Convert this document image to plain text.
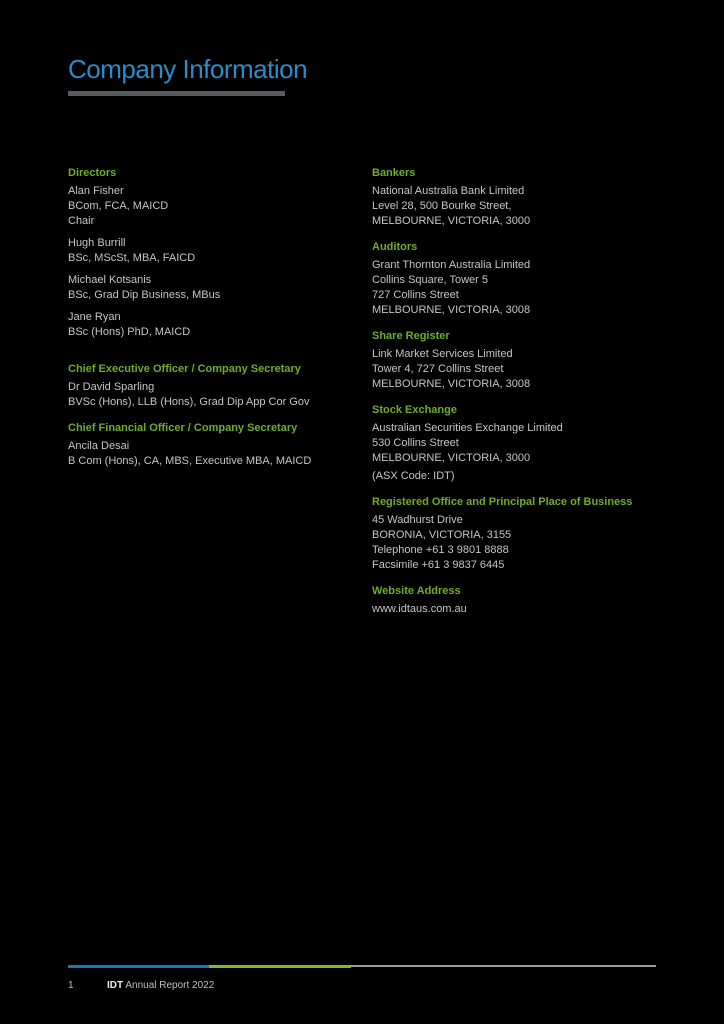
Company Information
Directors
Alan Fisher
BCom, FCA, MAICD
Chair
Hugh Burrill
BSc, MScSt, MBA, FAICD
Michael Kotsanis
BSc, Grad Dip Business, MBus
Jane Ryan
BSc (Hons) PhD, MAICD
Chief Executive Officer / Company Secretary
Dr David Sparling
BVSc (Hons), LLB (Hons), Grad Dip App Cor Gov
Chief Financial Officer / Company Secretary
Ancila Desai
B Com (Hons), CA, MBS, Executive MBA, MAICD
Bankers
National Australia Bank Limited
Level 28, 500 Bourke Street,
MELBOURNE, VICTORIA, 3000
Auditors
Grant Thornton Australia Limited
Collins Square, Tower 5
727 Collins Street
MELBOURNE, VICTORIA, 3008
Share Register
Link Market Services Limited
Tower 4, 727 Collins Street
MELBOURNE, VICTORIA, 3008
Stock Exchange
Australian Securities Exchange Limited
530 Collins Street
MELBOURNE, VICTORIA, 3000
(ASX Code: IDT)
Registered Office and Principal Place of Business
45 Wadhurst Drive
BORONIA, VICTORIA, 3155
Telephone +61 3 9801 8888
Facsimile +61 3 9837 6445
Website Address
www.idtaus.com.au
1	IDT Annual Report 2022
